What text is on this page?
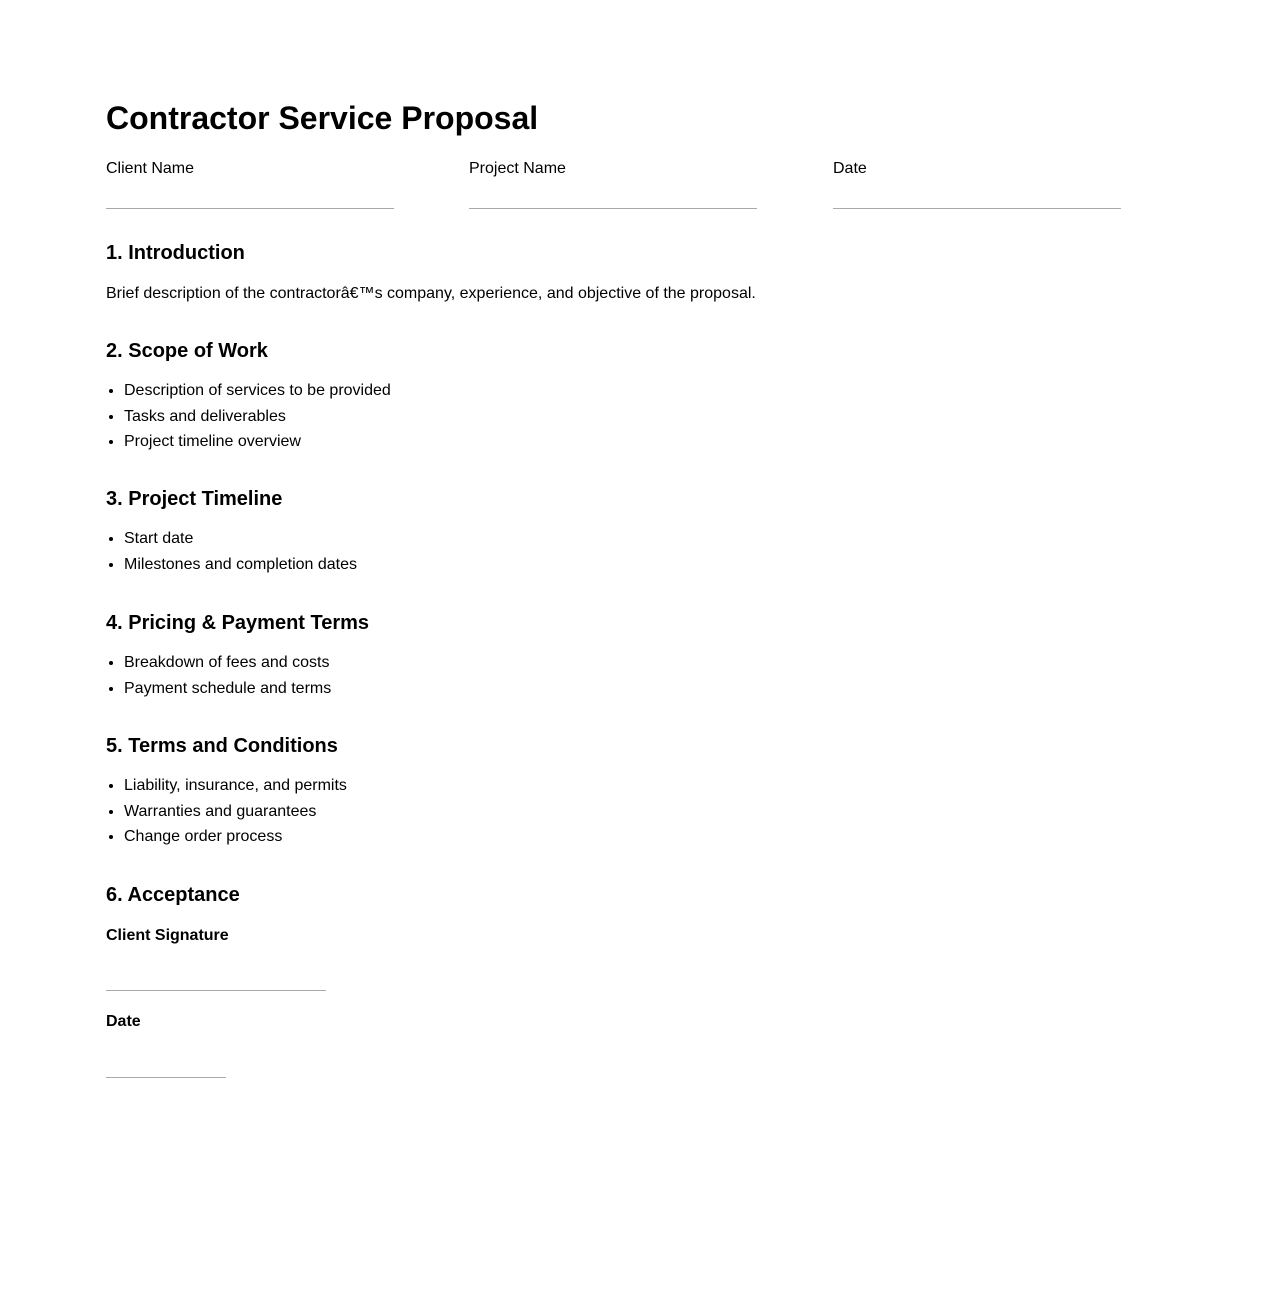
Contractor Service Proposal
Client Name	Project Name	Date
1. Introduction

Brief description of the contractorâ€™s company, experience, and objective of the proposal.

2. Scope of Work
• Description of services to be provided
• Tasks and deliverables
• Project timeline overview
3. Project Timeline
• Start date
• Milestones and completion dates
4. Pricing & Payment Terms
• Breakdown of fees and costs
• Payment schedule and terms
5. Terms and Conditions
• Liability, insurance, and permits
• Warranties and guarantees
• Change order process
6. Acceptance
Client Signature
Date
